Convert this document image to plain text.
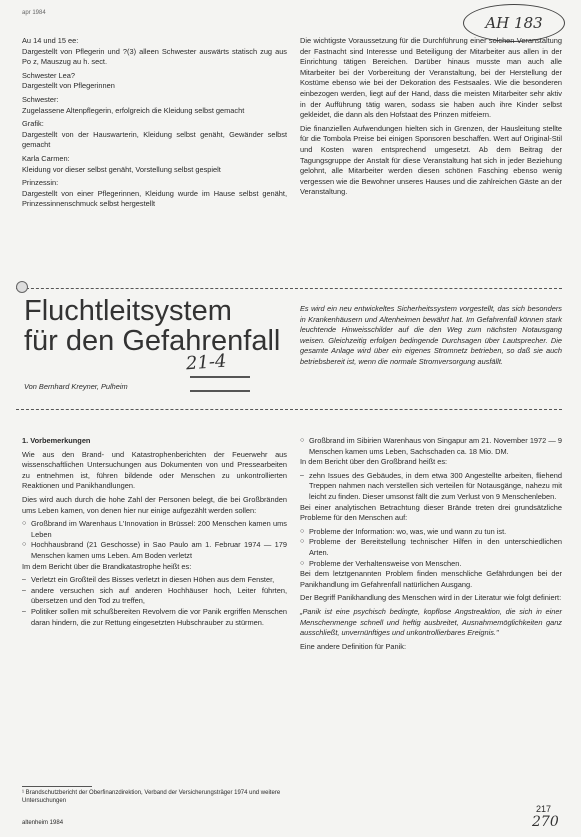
apr 1984
AH 183

Au 14 und 15 ee:

Dargestellt von Pflegerin und ?(3) alleen Schwester auswärts statisch zug aus Po z, Mauszug au h. sect.

Schwester Lea?

Dargestellt von Pflegerinnen

Schwester:

Zugelassene Altenpflegerin, erfolgreich die Kleidung selbst gemacht

Grafik:

Dargestellt von der Hauswarterin, Kleidung selbst genäht, Gewänder selbst gemacht

Karla Carmen:

Kleidung vor dieser selbst genäht, Vorstellung selbst gespielt

Prinzessin:

Dargestellt von einer Pflegerinnen, Kleidung wurde im Hause selbst genäht, Prinzessinnenschmuck selbst hergestellt

Die wichtigste Voraussetzung für die Durchführung einer solchen Veranstaltung der Fastnacht sind Interesse und Beteiligung der Mitarbeiter aus allen in der Einrichtung tätigen Bereichen. Darüber hinaus musste man auch alle Mitarbeiter bei der Vorbereitung der Veranstaltung, bei der Herstellung der Kostüme ebenso wie bei der Dekoration des Festsaales. Wie die besonderen einbezogen werden, liegt auf der Hand, dass die meisten Mitarbeiter sehr aktiv in der Aufführung tätig waren, sodass sie haben auch ihre Kinder selbst gekleidet, die dann als den Hofstaat des Prinzen mitfeiern.

Die finanziellen Aufwendungen hielten sich in Grenzen, der Hausleitung stellte für die Tombola Preise bei einigen Sponsoren beschaffen. Wert auf Original-Stil und Kosten waren entsprechend umgesetzt. Ab dem Beitrag der Tagungsgruppe der Anstalt für diese Veranstaltung hat sich in jeder Beziehung gelohnt, alle Mitarbeiter werden diesen schönen Fasching ebenso wenig vergessen wie die Bewohner unseres Hauses und die zahlreichen Gäste an der Veranstaltung.

Fluchtleitsystem
für den Gefahrenfall
21-4
Von Bernhard Kreyner, Pulheim
Es wird ein neu entwickeltes Sicherheitssystem vorgestellt, das sich besonders in Krankenhäusern und Altenheimen bewährt hat. Im Gefahrenfall können stark leuchtende Hinweisschilder auf die den Weg zum nächsten Notausgang weisen. Gleichzeitig erfolgen bedingende Durchsagen über Lautsprecher. Die gesamte Anlage wird über ein eigenes Stromnetz betrieben, so daß sie auch betriebsbereit ist, wenn die normale Stromversorgung ausfällt.

1. Vorbemerkungen

Wie aus den Brand- und Katastrophenberichten der Feuerwehr aus wissenschaftlichen Untersuchungen aus Dokumenten von und Pressearbeiten zu entnehmen ist, führen bildende oder Menschen zu unkontrollierten Reaktionen und Panikhandlungen.

Dies wird auch durch die hohe Zahl der Personen belegt, die bei Großbränden ums Leben kamen, von denen hier nur einige aufgezählt werden sollen:

○ Großbrand im Warenhaus L'Innovation in Brüssel: 200 Menschen kamen ums Leben
○ Hochhausbrand (21 Geschosse) in Sao Paulo am 1. Februar 1974 — 179 Menschen kamen ums Leben. Am Boden verletzt

Im dem Bericht über die Brandkatastrophe heißt es:

– Verletzt ein Großteil des Bisses verletzt in diesen Höhen aus dem Fenster,
– andere versuchen sich auf anderen Hochhäuser hoch, Leiter führten, übersetzen und den Tod zu treffen,
– Politiker sollen mit schußbereiten Revolvern die vor Panik ergriffen Menschen daran hindern, die zur Rettung eingesetzten Hubschrauber zu stürmen.
¹ Brandschutzbericht der Oberfinanzdirektion, Verband der Versicherungsträger 1974 und weitere Untersuchungen
○ Großbrand im Sibirien Warenhaus von Singapur am 21. November 1972 — 9 Menschen kamen ums Leben, Sachschaden ca. 18 Mio. DM.

In dem Bericht über den Großbrand heißt es:

– zehn Issues des Gebäudes, in dem etwa 300 Angestellte arbeiten, fliehend Treppen nahmen nach verstellen sich verteilen für Notausgänge, nahezu mit leicht zu finden. Dieser umsonst fällt die zum Verlust von 9 Menschenleben.

Bei einer analytischen Betrachtung dieser Brände treten drei grundsätzliche Probleme für den Menschen auf:

○ Probleme der Information: wo, was, wie und wann zu tun ist.
○ Probleme der Bereitstellung technischer Hilfen in den unterschiedlichen Arten.
○ Probleme der Verhaltensweise von Menschen.

Bei dem letztgenannten Problem finden menschliche Gefährdungen bei der Panikhandlung im Gefahrenfall natürlichen Ausgang.

Der Begriff Panikhandlung des Menschen wird in der Literatur wie folgt definiert:

„Panik ist eine psychisch bedingte, kopflose Angstreaktion, die sich in einer Menschenmenge schnell und heftig ausbreitet, Ausnahmemöglichkeiten ganz ausschließt, unvernünftiges und unkontrollierbares Ereignis."

Eine andere Definition für Panik:

altenheim 1984
217
270
